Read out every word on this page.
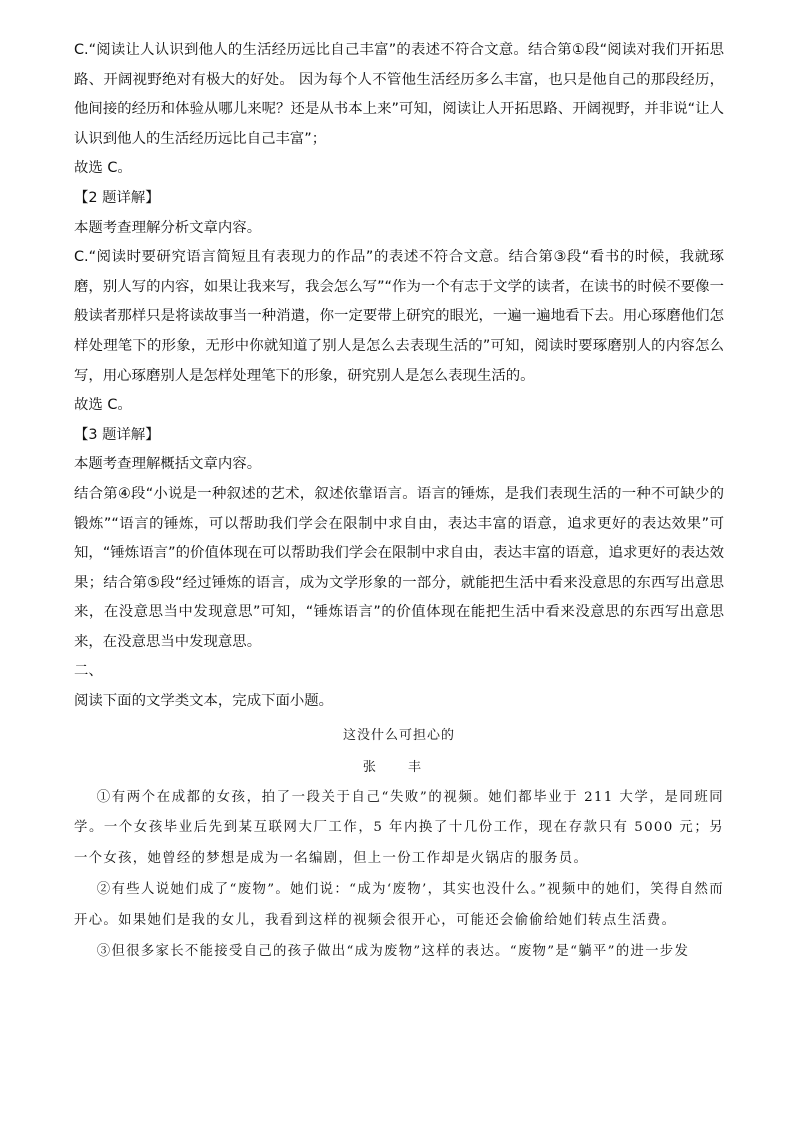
C.“阅读让人认识到他人的生活经历远比自己丰富”的表述不符合文意。结合第①段“阅读对我们开拓思路、开阔视野绝对有极大的好处。 因为每个人不管他生活经历多么丰富，也只是他自己的那段经历，他间接的经历和体验从哪儿来呢？还是从书本上来”可知，阅读让人开拓思路、开阔视野，并非说“让人认识到他人的生活经历远比自己丰富”；

故选 C。

【2 题详解】

本题考查理解分析文章内容。

C.“阅读时要研究语言简短且有表现力的作品”的表述不符合文意。结合第③段“看书的时候，我就琢磨，别人写的内容，如果让我来写，我会怎么写”“作为一个有志于文学的读者，在读书的时候不要像一般读者那样只是将读故事当一种消遣，你一定要带上研究的眼光，一遍一遍地看下去。用心琢磨他们怎样处理笔下的形象，无形中你就知道了别人是怎么去表现生活的”可知，阅读时要琢磨别人的内容怎么写，用心琢磨别人是怎样处理笔下的形象，研究别人是怎么表现生活的。

故选 C。

【3 题详解】

本题考查理解概括文章内容。

结合第④段“小说是一种叙述的艺术，叙述依靠语言。语言的锤炼，是我们表现生活的一种不可缺少的锻炼”“语言的锤炼，可以帮助我们学会在限制中求自由，表达丰富的语意，追求更好的表达效果”可知，“锤炼语言”的价值体现在可以帮助我们学会在限制中求自由，表达丰富的语意，追求更好的表达效果；结合第⑤段“经过锤炼的语言，成为文学形象的一部分，就能把生活中看来没意思的东西写出意思来，在没意思当中发现意思”可知，“锤炼语言”的价值体现在能把生活中看来没意思的东西写出意思来，在没意思当中发现意思。

二、

阅读下面的文学类文本，完成下面小题。

这没什么可担心的

张 丰

①有两个在成都的女孩，拍了一段关于自己“失败”的视频。她们都毕业于 211 大学，是同班同学。一个女孩毕业后先到某互联网大厂工作，5 年内换了十几份工作，现在存款只有 5000 元；另一个女孩，她曾经的梦想是成为一名编剧，但上一份工作却是火锅店的服务员。

②有些人说她们成了“废物”。她们说：“成为‘废物’，其实也没什么。”视频中的她们，笑得自然而开心。如果她们是我的女儿，我看到这样的视频会很开心，可能还会偷偷给她们转点生活费。

③但很多家长不能接受自己的孩子做出“成为废物”这样的表达。“废物”是“躺平”的进一步发
